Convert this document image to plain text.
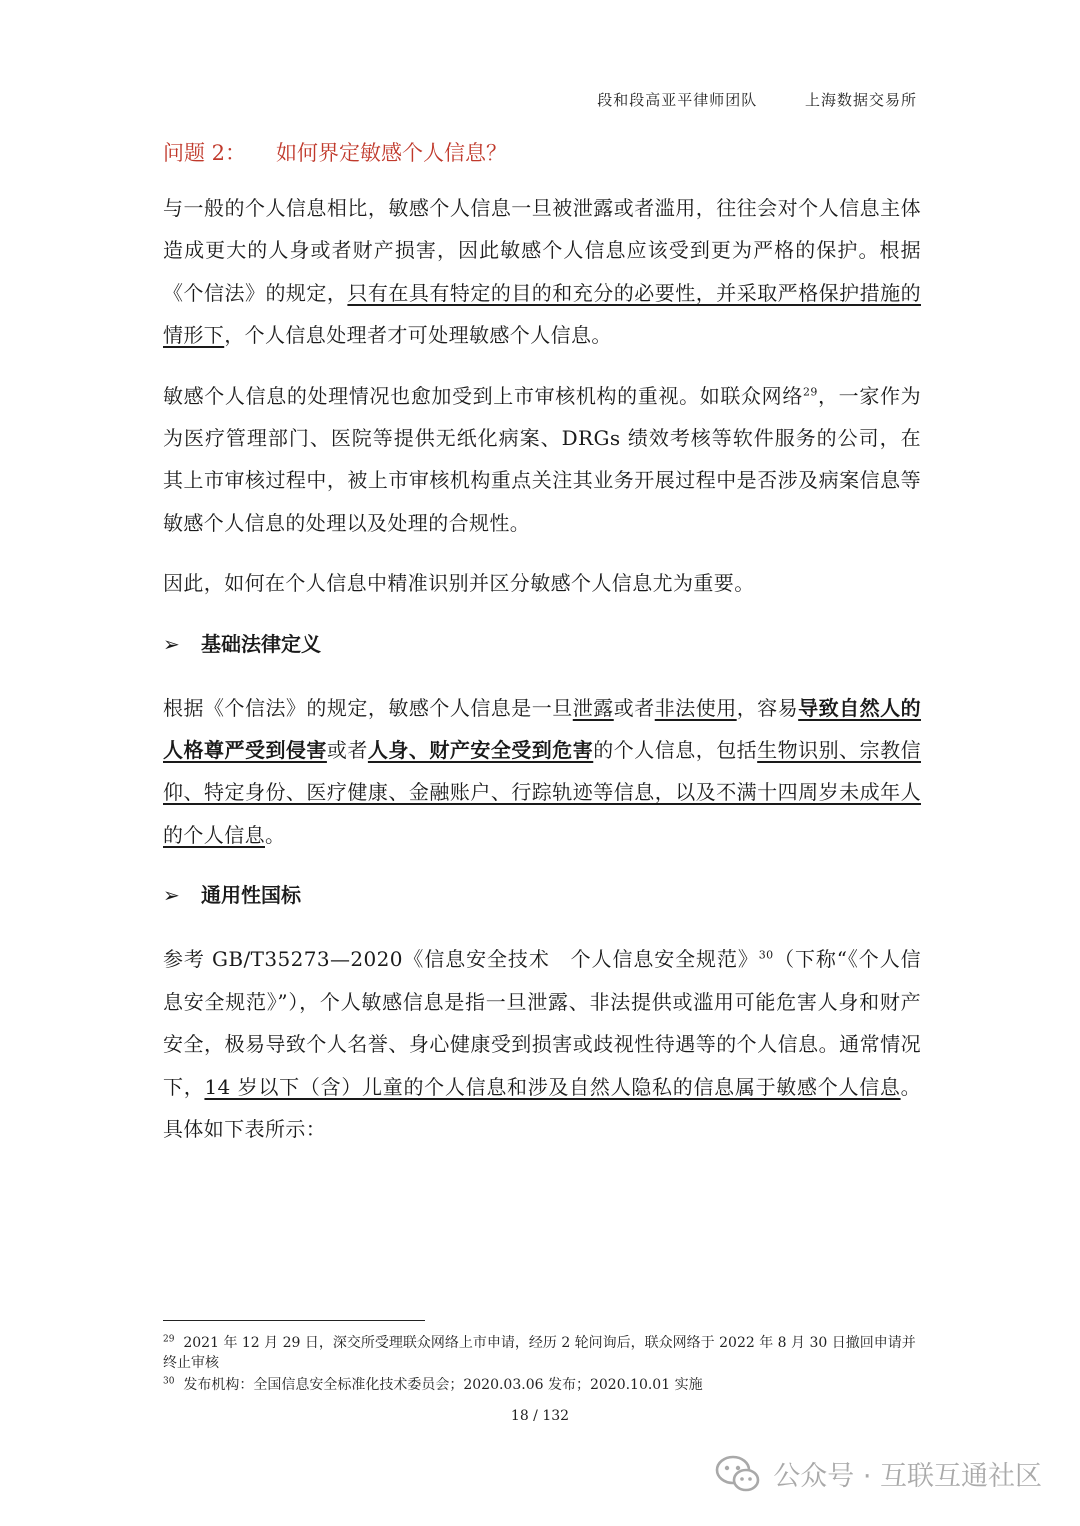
段和段高亚平律师团队	上海数据交易所
问题 2： 如何界定敏感个人信息？

与一般的个人信息相比，敏感个人信息一旦被泄露或者滥用，往往会对个人信息主体造成更大的人身或者财产损害，因此敏感个人信息应该受到更为严格的保护。根据《个信法》的规定，只有在具有特定的目的和充分的必要性，并采取严格保护措施的情形下，个人信息处理者才可处理敏感个人信息。

敏感个人信息的处理情况也愈加受到上市审核机构的重视。如联众网络$^{29}$，一家作为为医疗管理部门、医院等提供无纸化病案、DRGs 绩效考核等软件服务的公司，在其上市审核过程中，被上市审核机构重点关注其业务开展过程中是否涉及病案信息等敏感个人信息的处理以及处理的合规性。

因此，如何在个人信息中精准识别并区分敏感个人信息尤为重要。

➢ 基础法律定义

根据《个信法》的规定，敏感个人信息是一旦泄露或者非法使用，容易导致自然人的人格尊严受到侵害或者人身、财产安全受到危害的个人信息，包括生物识别、宗教信仰、特定身份、医疗健康、金融账户、行踪轨迹等信息，以及不满十四周岁未成年人的个人信息。

➢ 通用性国标

参考 GB/T35273—2020《信息安全技术　个人信息安全规范》$^{30}$（下称“《个人信息安全规范》”），个人敏感信息是指一旦泄露、非法提供或滥用可能危害人身和财产安全，极易导致个人名誉、身心健康受到损害或歧视性待遇等的个人信息。通常情况下，14 岁以下（含）儿童的个人信息和涉及自然人隐私的信息属于敏感个人信息。具体如下表所示：

$^{29}$ 2021 年 12 月 29 日，深交所受理联众网络上市申请，经历 2 轮问询后，联众网络于 2022 年 8 月 30 日撤回申请并终止审核
$^{30}$ 发布机构：全国信息安全标准化技术委员会；2020.03.06 发布；2020.10.01 实施
18 / 132
公众号 · 互联互通社区
